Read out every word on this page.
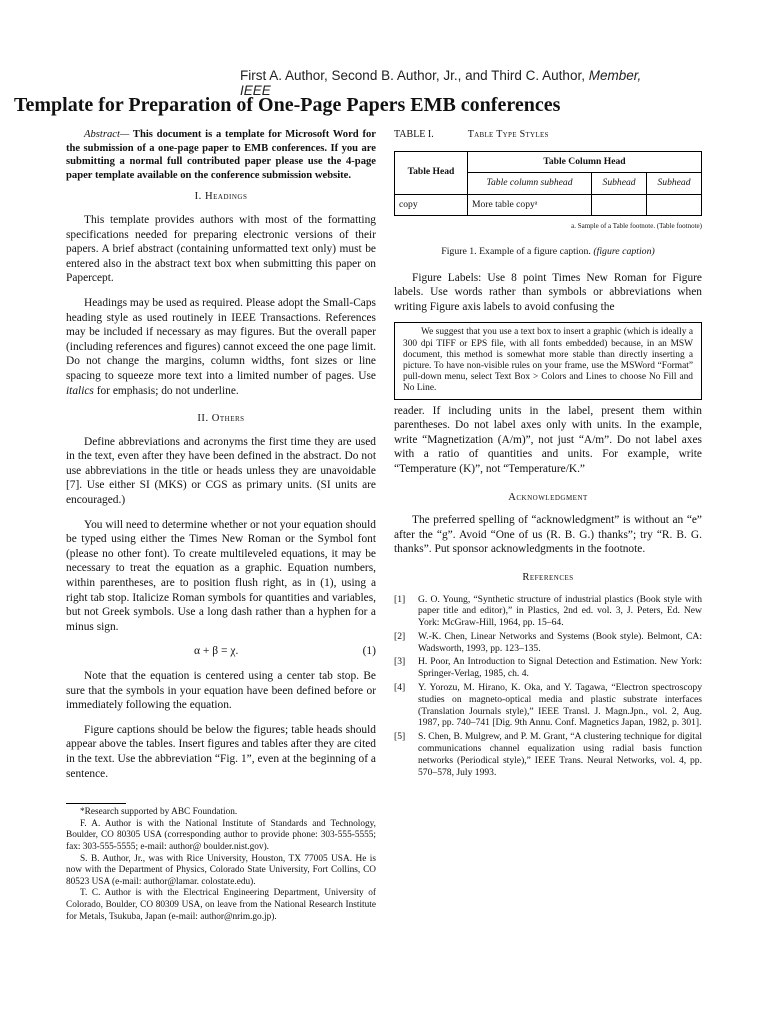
First A. Author, Second B. Author, Jr., and Third C. Author, Member, IEEE
Template for Preparation of One-Page Papers EMB conferences

Abstract— This document is a template for Microsoft Word for the submission of a one-page paper to EMB conferences. If you are submitting a normal full contributed paper please use the 4-page paper template available on the conference submission website.

I. Headings

This template provides authors with most of the formatting specifications needed for preparing electronic versions of their papers. A brief abstract (containing unformatted text only) must be entered also in the abstract text box when submitting this paper on Papercept.

Headings may be used as required. Please adopt the Small-Caps heading style as used routinely in IEEE Transactions. References may be included if necessary as may figures. But the overall paper (including references and figures) cannot exceed the one page limit. Do not change the margins, column widths, font sizes or line spacing to squeeze more text into a limited number of pages. Use italics for emphasis; do not underline.

II. Others

Define abbreviations and acronyms the first time they are used in the text, even after they have been defined in the abstract. Do not use abbreviations in the title or heads unless they are unavoidable [7]. Use either SI (MKS) or CGS as primary units. (SI units are encouraged.)

You will need to determine whether or not your equation should be typed using either the Times New Roman or the Symbol font (please no other font). To create multileveled equations, it may be necessary to treat the equation as a graphic. Equation numbers, within parentheses, are to position flush right, as in (1), using a right tab stop. Italicize Roman symbols for quantities and variables, but not Greek symbols. Use a long dash rather than a hyphen for a minus sign.

α + β = χ.	(1)

Note that the equation is centered using a center tab stop. Be sure that the symbols in your equation have been defined before or immediately following the equation.

Figure captions should be below the figures; table heads should appear above the tables. Insert figures and tables after they are cited in the text. Use the abbreviation “Fig. 1”, even at the beginning of a sentence.

*Research supported by ABC Foundation.

F. A. Author is with the National Institute of Standards and Technology, Boulder, CO 80305 USA (corresponding author to provide phone: 303-555-5555; fax: 303-555-5555; e-mail: author@ boulder.nist.gov).

S. B. Author, Jr., was with Rice University, Houston, TX 77005 USA. He is now with the Department of Physics, Colorado State University, Fort Collins, CO 80523 USA (e-mail: author@lamar. colostate.edu).

T. C. Author is with the Electrical Engineering Department, University of Colorado, Boulder, CO 80309 USA, on leave from the National Research Institute for Metals, Tsukuba, Japan (e-mail: author@nrim.go.jp).

TABLE I.	Table Type Styles
Table Head	Table Column Head		
	Table column subhead	Subhead	Subhead
copy	More table copyᵃ		
a. Sample of a Table footnote. (Table footnote)
Figure 1. Example of a figure caption. (figure caption)

Figure Labels: Use 8 point Times New Roman for Figure labels. Use words rather than symbols or abbreviations when writing Figure axis labels to avoid confusing the

We suggest that you use a text box to insert a graphic (which is ideally a 300 dpi TIFF or EPS file, with all fonts embedded) because, in an MSW document, this method is somewhat more stable than directly inserting a picture. To have non-visible rules on your frame, use the MSWord “Format” pull-down menu, select Text Box > Colors and Lines to choose No Fill and No Line.

reader. If including units in the label, present them within parentheses. Do not label axes only with units. In the example, write “Magnetization (A/m)”, not just “A/m”. Do not label axes with a ratio of quantities and units. For example, write “Temperature (K)”, not “Temperature/K.”

Acknowledgment

The preferred spelling of “acknowledgment” is without an “e” after the “g”. Avoid “One of us (R. B. G.) thanks”; try “R. B. G. thanks”. Put sponsor acknowledgments in the footnote.

References
[1]	G. O. Young, “Synthetic structure of industrial plastics (Book style with paper title and editor),” in Plastics, 2nd ed. vol. 3, J. Peters, Ed. New York: McGraw-Hill, 1964, pp. 15–64.
[2]	W.-K. Chen, Linear Networks and Systems (Book style). Belmont, CA: Wadsworth, 1993, pp. 123–135.
[3]	H. Poor, An Introduction to Signal Detection and Estimation. New York: Springer-Verlag, 1985, ch. 4.
[4]	Y. Yorozu, M. Hirano, K. Oka, and Y. Tagawa, “Electron spectroscopy studies on magneto-optical media and plastic substrate interfaces (Translation Journals style),” IEEE Transl. J. Magn.Jpn., vol. 2, Aug. 1987, pp. 740–741 [Dig. 9th Annu. Conf. Magnetics Japan, 1982, p. 301].
[5]	S. Chen, B. Mulgrew, and P. M. Grant, “A clustering technique for digital communications channel equalization using radial basis function networks (Periodical style),” IEEE Trans. Neural Networks, vol. 4, pp. 570–578, July 1993.
